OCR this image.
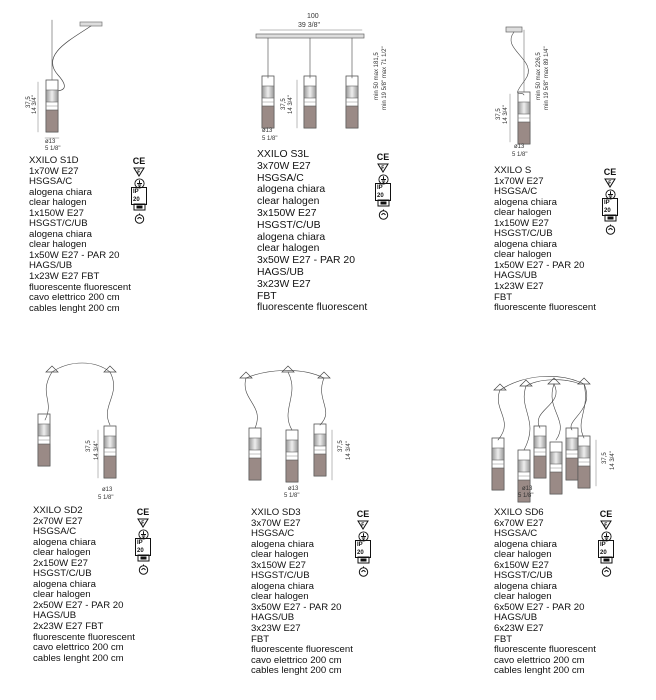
37,5 14 3/4"
ø13
5 1/8"
100
39 3/8"
37,5 14 3/4"
min 50 max 181,5 min 19 5/8" max 71 1/2"
ø13
5 1/8"
37,5 14 3/4"
min 50 max 226,5 min 19 5/8" max 89 1/4"
ø13
5 1/8"
37,5 14 3/4"
ø13
5 1/8"
37,5 14 3/4"
ø13
5 1/8"
37,5 14 3/4"
ø13
5 1/8"
XXILO S1D
1x70W E27
HSGSA/C
alogena chiara
clear halogen
1x150W E27
HSGST/C/UB
alogena chiara
clear halogen
1x50W E27 - PAR 20
HAGS/UB
1x23W E27 FBT
fluorescente fluorescent
cavo elettrico 200 cm
cables lenght 200 cm
XXILO S3L
3x70W E27
HSGSA/C
alogena chiara
clear halogen
3x150W E27
HSGST/C/UB
alogena chiara
clear halogen
3x50W E27 - PAR 20
HAGS/UB
3x23W E27
FBT
fluorescente fluorescent
XXILO S
1x70W E27
HSGSA/C
alogena chiara
clear halogen
1x150W E27
HSGST/C/UB
alogena chiara
clear halogen
1x50W E27 - PAR 20
HAGS/UB
1x23W E27
FBT
fluorescente fluorescent
XXILO SD2
2x70W E27
HSGSA/C
alogena chiara
clear halogen
2x150W E27
HSGST/C/UB
alogena chiara
clear halogen
2x50W E27 - PAR 20
HAGS/UB
2x23W E27 FBT
fluorescente fluorescent
cavo elettrico 200 cm
cables lenght 200 cm
XXILO SD3
3x70W E27
HSGSA/C
alogena chiara
clear halogen
3x150W E27
HSGST/C/UB
alogena chiara
clear halogen
3x50W E27 - PAR 20
HAGS/UB
3x23W E27
FBT
fluorescente fluorescent
cavo elettrico 200 cm
cables lenght 200 cm
XXILO SD6
6x70W E27
HSGSA/C
alogena chiara
clear halogen
6x150W E27
HSGST/C/UB
alogena chiara
clear halogen
6x50W E27 - PAR 20
HAGS/UB
6x23W E27
FBT
fluorescente fluorescent
cavo elettrico 200 cm
cables lenght 200 cm
CE
F
IP 20
CE
F
IP 20
CE
F
IP 20
CE
F
IP 20
CE
F
IP 20
CE
F
IP 20
